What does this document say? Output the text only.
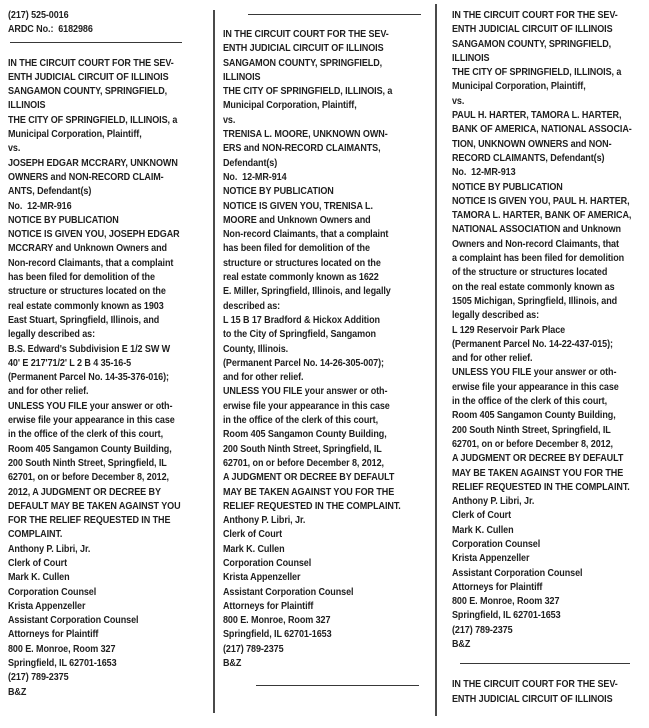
(217) 525-0016
ARDC No.:  6182986
IN THE CIRCUIT COURT FOR THE SEV-
ENTH JUDICIAL CIRCUIT OF ILLINOIS
SANGAMON COUNTY, SPRINGFIELD,
ILLINOIS
THE CITY OF SPRINGFIELD, ILLINOIS, a
Municipal Corporation, Plaintiff,
vs.
JOSEPH EDGAR MCCRARY, UNKNOWN
OWNERS and NON-RECORD CLAIM-
ANTS, Defendant(s)
No.  12-MR-916
NOTICE BY PUBLICATION
NOTICE IS GIVEN YOU, JOSEPH EDGAR
MCCRARY and Unknown Owners and
Non-record Claimants, that a complaint
has been filed for demolition of the
structure or structures located on the
real estate commonly known as 1903
East Stuart, Springfield, Illinois, and
legally described as:
B.S. Edward's Subdivision E 1/2 SW W
40' E 217'71/2' L 2 B 4 35-16-5
(Permanent Parcel No. 14-35-376-016);
and for other relief.
UNLESS YOU FILE your answer or oth-
erwise file your appearance in this case
in the office of the clerk of this court,
Room 405 Sangamon County Building,
200 South Ninth Street, Springfield, IL
62701, on or before December 8, 2012,
2012, A JUDGMENT OR DECREE BY
DEFAULT MAY BE TAKEN AGAINST YOU
FOR THE RELIEF REQUESTED IN THE
COMPLAINT.
Anthony P. Libri, Jr.
Clerk of Court
Mark K. Cullen
Corporation Counsel
Krista Appenzeller
Assistant Corporation Counsel
Attorneys for Plaintiff
800 E. Monroe, Room 327
Springfield, IL 62701-1653
(217) 789-2375
B&Z
IN THE CIRCUIT COURT FOR THE SEV-
ENTH JUDICIAL CIRCUIT OF ILLINOIS
SANGAMON COUNTY, SPRINGFIELD,
ILLINOIS
THE CITY OF SPRINGFIELD, ILLINOIS, a
Municipal Corporation, Plaintiff,
vs.
TRENISA L. MOORE, UNKNOWN OWN-
ERS and NON-RECORD CLAIMANTS,
Defendant(s)
No.  12-MR-914
NOTICE BY PUBLICATION
NOTICE IS GIVEN YOU, TRENISA L.
MOORE and Unknown Owners and
Non-record Claimants, that a complaint
has been filed for demolition of the
structure or structures located on the
real estate commonly known as 1622
E. Miller, Springfield, Illinois, and legally
described as:
L 15 B 17 Bradford & Hickox Addition
to the City of Springfield, Sangamon
County, Illinois.
(Permanent Parcel No. 14-26-305-007);
and for other relief.
UNLESS YOU FILE your answer or oth-
erwise file your appearance in this case
in the office of the clerk of this court,
Room 405 Sangamon County Building,
200 South Ninth Street, Springfield, IL
62701, on or before December 8, 2012,
A JUDGMENT OR DECREE BY DEFAULT
MAY BE TAKEN AGAINST YOU FOR THE
RELIEF REQUESTED IN THE COMPLAINT.
Anthony P. Libri, Jr.
Clerk of Court
Mark K. Cullen
Corporation Counsel
Krista Appenzeller
Assistant Corporation Counsel
Attorneys for Plaintiff
800 E. Monroe, Room 327
Springfield, IL 62701-1653
(217) 789-2375
B&Z
IN THE CIRCUIT COURT FOR THE SEV-
ENTH JUDICIAL CIRCUIT OF ILLINOIS
SANGAMON COUNTY, SPRINGFIELD,
ILLINOIS
THE CITY OF SPRINGFIELD, ILLINOIS, a
Municipal Corporation, Plaintiff,
vs.
PAUL H. HARTER, TAMORA L. HARTER,
BANK OF AMERICA, NATIONAL ASSOCIA-
TION, UNKNOWN OWNERS and NON-
RECORD CLAIMANTS, Defendant(s)
No.  12-MR-913
NOTICE BY PUBLICATION
NOTICE IS GIVEN YOU, PAUL H. HARTER,
TAMORA L. HARTER, BANK OF AMERICA,
NATIONAL ASSOCIATION and Unknown
Owners and Non-record Claimants, that
a complaint has been filed for demolition
of the structure or structures located
on the real estate commonly known as
1505 Michigan, Springfield, Illinois, and
legally described as:
L 129 Reservoir Park Place
(Permanent Parcel No. 14-22-437-015);
and for other relief.
UNLESS YOU FILE your answer or oth-
erwise file your appearance in this case
in the office of the clerk of this court,
Room 405 Sangamon County Building,
200 South Ninth Street, Springfield, IL
62701, on or before December 8, 2012,
A JUDGMENT OR DECREE BY DEFAULT
MAY BE TAKEN AGAINST YOU FOR THE
RELIEF REQUESTED IN THE COMPLAINT.
Anthony P. Libri, Jr.
Clerk of Court
Mark K. Cullen
Corporation Counsel
Krista Appenzeller
Assistant Corporation Counsel
Attorneys for Plaintiff
800 E. Monroe, Room 327
Springfield, IL 62701-1653
(217) 789-2375
B&Z
IN THE CIRCUIT COURT FOR THE SEV-
ENTH JUDICIAL CIRCUIT OF ILLINOIS
